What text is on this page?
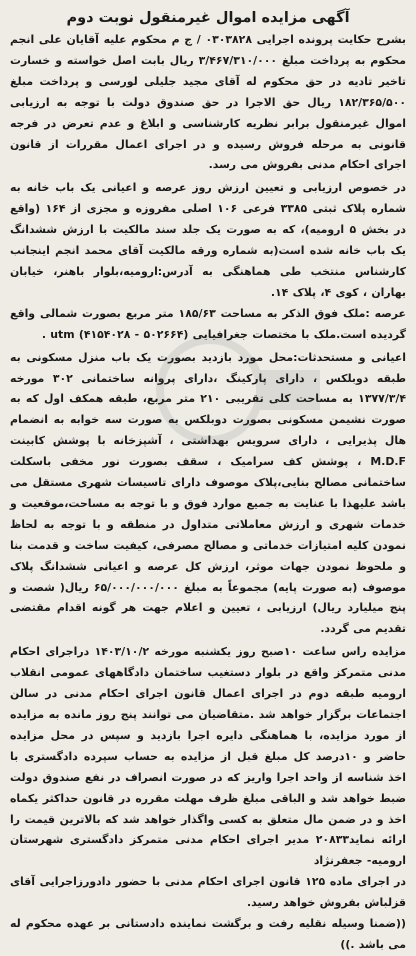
آگهی مزایده اموال غیرمنقول نوبت دوم

بشرح حکایت پرونده اجرایی ۰۳۰۳۸۲۸ / ج م محکوم علیه آقایان علی انجم محکوم به پرداخت مبلغ ۳/۴۶۷/۳۱۰/۰۰۰ ریال بابت اصل خواسته و خسارت تاخیر تادیه در حق محکوم له آقای مجید جلیلی لورسی و پرداخت مبلغ ۱۸۲/۳۶۵/۵۰۰ ریال حق الاجرا در حق صندوق دولت با توجه به ارزیابی اموال غیرمنقول برابر نظریه کارشناسی و ابلاغ و عدم تعرض در فرجه قانونی به مرحله فروش رسیده و در اجرای اعمال مقررات از قانون اجرای احکام مدنی بفروش می رسد.

در خصوص ارزیابی و تعیین ارزش روز عرصه و اعیانی یک باب خانه به شماره پلاک ثبتی ۳۳۸۵ فرعی ۱۰۶ اصلی مفروزه و مجزی از ۱۶۴ (واقع در بخش ۵ ارومیه)، که به صورت یک جلد سند مالکیت با ارزش ششدانگ یک باب خانه شده است(به شماره ورقه مالکیت آقای محمد انجم اینجانب کارشناس منتخب طی هماهنگی به آدرس:ارومیه،بلوار باهنر، خیابان بهاران ، کوی ۴، پلاک ۱۴.

عرصه :ملک فوق الذکر به مساحت ۱۸۵/۶۳ متر مربع بصورت شمالی واقع گردیده است.ملک با مختصات جغرافیایی utm (۴۱۵۴۰۲۸ - ۵۰۲۶۶۴) .

اعیانی و مستحدثات:محل مورد بازدید بصورت یک باب منزل مسکونی به طبقه دوبلکس ، دارای پارکینگ ،دارای پروانه ساختمانی ۳۰۲ مورخه ۱۳۷۷/۳/۴ به مساحت کلی تقریبی ۲۱۰ متر مربع، طبقه همکف اول که به صورت نشیمن مسکونی بصورت دوبلکس به صورت سه خوابه به انضمام هال پذیرایی ، دارای سرویس بهداشتی ، آشپزخانه با پوشش کابینت M.D.F ، پوشش کف سرامیک ، سقف بصورت نور مخفی باسکلت ساختمانی مصالح بنایی،پلاک موصوف دارای تاسیسات شهری مستقل می باشد علیهذا با عنایت به جمیع موارد فوق و با توجه به مساحت،موقعیت و خدمات شهری و ارزش معاملاتی متداول در منطقه و با توجه به لحاظ نمودن کلیه امتیازات خدماتی و مصالح مصرفی، کیفیت ساخت و قدمت بنا و ملحوظ نمودن جهات موثر، ارزش کل عرصه و اعیانی ششدانگ پلاک موصوف (به صورت پایه) مجموعاً به مبلغ ۶۵/۰۰۰/۰۰۰/۰۰۰ ریال( شصت و پنج میلیارد ریال) ارزیابی ، تعیین و اعلام جهت هر گونه اقدام مقتضی تقدیم می گردد.

مزایده راس ساعت ۱۰صبح روز یکشنبه مورخه ۱۴۰۳/۱۰/۲ دراجرای احکام مدنی متمرکز واقع در بلوار دستغیب ساختمان دادگاههای عمومی انقلاب ارومیه طبقه دوم در اجرای اعمال قانون اجرای احکام مدنی در سالن اجتماعات برگزار خواهد شد .متقاضیان می توانند پنج روز مانده به مزایده از مورد مزایده، با هماهنگی دایره اجرا بازدید و سپس در محل مزایده حاضر و ۱۰درصد کل مبلغ قبل از مزایده به حساب سپرده دادگستری با اخذ شناسه از واحد اجرا واریز که در صورت انصراف در نفع صندوق دولت ضبط خواهد شد و الباقی مبلغ ظرف مهلت مقرره در قانون حداکثر یکماه اخذ و در ضمن مال متعلق به کسی واگذار خواهد شد که بالاترین قیمت را ارائه نماید۲۰۸۳۳ مدیر اجرای احکام مدنی متمرکز دادگستری شهرستان ارومیه- جعفرنژاد

در اجرای ماده ۱۲۵ قانون اجرای احکام مدنی با حضور دادورزاجرایی آقای قزلباش بفروش خواهد رسید.

((ضمنا وسیله نقلیه رفت و برگشت نماینده دادستانی بر عهده محکوم له می باشد .))
